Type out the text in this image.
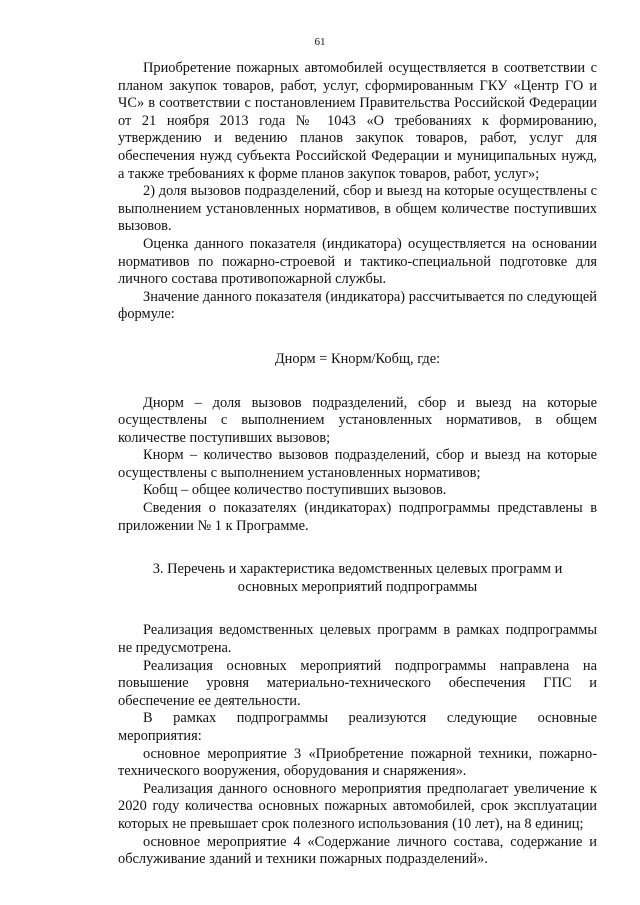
61

Приобретение пожарных автомобилей осуществляется в соответствии с планом закупок товаров, работ, услуг, сформированным ГКУ «Центр ГО и ЧС» в соответствии с постановлением Правительства Российской Федерации от 21 ноября 2013 года № 1043 «О требованиях к формированию, утверждению и ведению планов закупок товаров, работ, услуг для обеспечения нужд субъекта Российской Федерации и муниципальных нужд, а также требованиях к форме планов закупок товаров, работ, услуг»;

2) доля вызовов подразделений, сбор и выезд на которые осуществлены с выполнением установленных нормативов, в общем количестве поступивших вызовов.

Оценка данного показателя (индикатора) осуществляется на основании нормативов по пожарно-строевой и тактико-специальной подготовке для личного состава противопожарной службы.

Значение данного показателя (индикатора) рассчитывается по следующей формуле:

Днорм = Кнорм/Кобщ, где:

Днорм – доля вызовов подразделений, сбор и выезд на которые осуществлены с выполнением установленных нормативов, в общем количестве поступивших вызовов;

Кнорм – количество вызовов подразделений, сбор и выезд на которые осуществлены с выполнением установленных нормативов;

Кобщ – общее количество поступивших вызовов.

Сведения о показателях (индикаторах) подпрограммы представлены в приложении № 1 к Программе.

3. Перечень и характеристика ведомственных целевых программ и
основных мероприятий подпрограммы

Реализация ведомственных целевых программ в рамках подпрограммы не предусмотрена.

Реализация основных мероприятий подпрограммы направлена на повышение уровня материально-технического обеспечения ГПС и обеспечение ее деятельности.

В рамках подпрограммы реализуются следующие основные мероприятия:

основное мероприятие 3 «Приобретение пожарной техники, пожарно-технического вооружения, оборудования и снаряжения».

Реализация данного основного мероприятия предполагает увеличение к 2020 году количества основных пожарных автомобилей, срок эксплуатации которых не превышает срок полезного использования (10 лет), на 8 единиц;

основное мероприятие 4 «Содержание личного состава, содержание и обслуживание зданий и техники пожарных подразделений».
